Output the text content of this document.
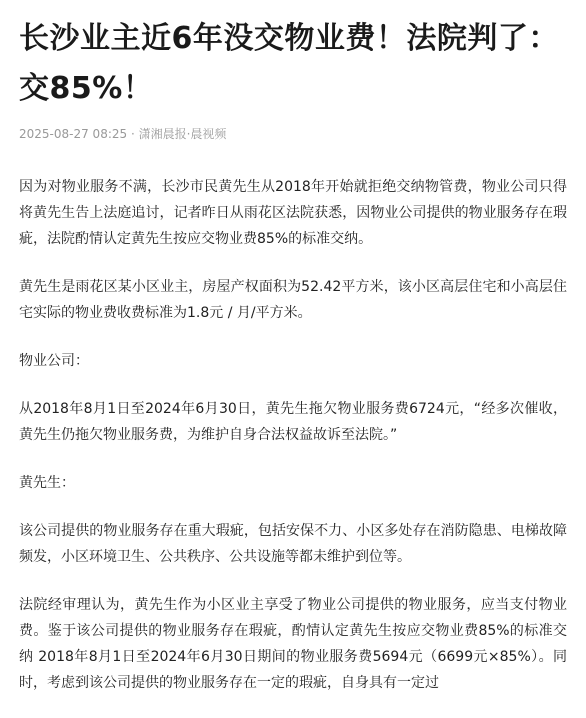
长沙业主近6年没交物业费！法院判了：交85%！
2025-08-27 08:25 · 潇湘晨报·晨视频

因为对物业服务不满，长沙市民黄先生从2018年开始就拒绝交纳物管费，物业公司只得将黄先生告上法庭追讨，记者昨日从雨花区法院获悉，因物业公司提供的物业服务存在瑕疵，法院酌情认定黄先生按应交物业费85%的标准交纳。

黄先生是雨花区某小区业主，房屋产权面积为52.42平方米，该小区高层住宅和小高层住宅实际的物业费收费标准为1.8元 / 月/平方米。

物业公司：

从2018年8月1日至2024年6月30日，黄先生拖欠物业服务费6724元，“经多次催收，黄先生仍拖欠物业服务费，为维护自身合法权益故诉至法院。”

黄先生：

该公司提供的物业服务存在重大瑕疵，包括安保不力、小区多处存在消防隐患、电梯故障频发，小区环境卫生、公共秩序、公共设施等都未维护到位等。

法院经审理认为，黄先生作为小区业主享受了物业公司提供的物业服务，应当支付物业费。鉴于该公司提供的物业服务存在瑕疵，酌情认定黄先生按应交物业费85%的标准交纳 2018年8月1日至2024年6月30日期间的物业服务费5694元（6699元×85%）。同时，考虑到该公司提供的物业服务存在一定的瑕疵，自身具有一定过
